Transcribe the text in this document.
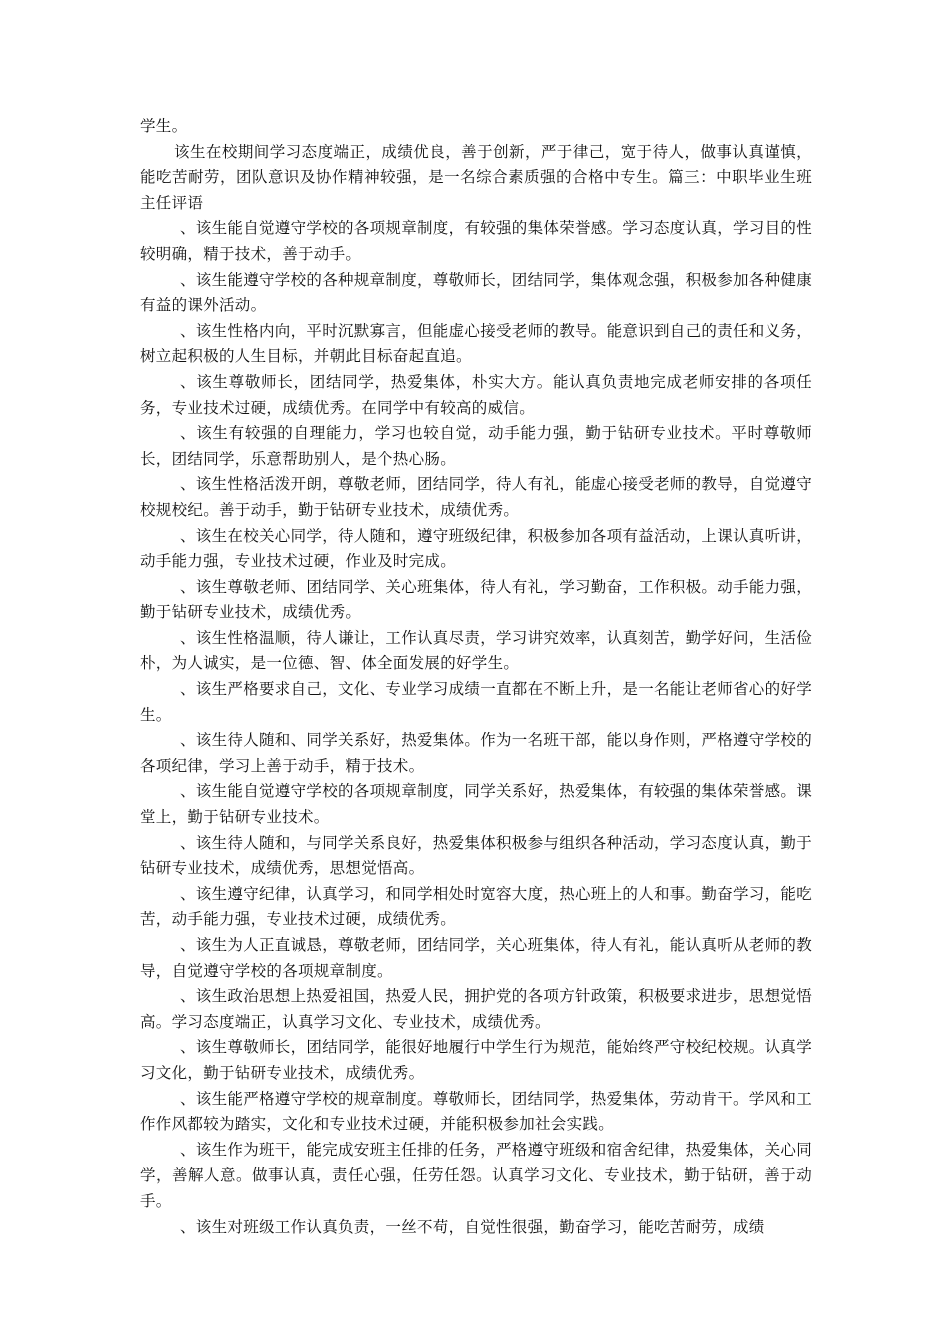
学生。

该生在校期间学习态度端正，成绩优良，善于创新，严于律己，宽于待人，做事认真谨慎，能吃苦耐劳，团队意识及协作精神较强，是一名综合素质强的合格中专生。篇三：中职毕业生班主任评语

、该生能自觉遵守学校的各项规章制度，有较强的集体荣誉感。学习态度认真，学习目的性较明确，精于技术，善于动手。

、该生能遵守学校的各种规章制度，尊敬师长，团结同学，集体观念强，积极参加各种健康有益的课外活动。

、该生性格内向，平时沉默寡言，但能虚心接受老师的教导。能意识到自己的责任和义务，树立起积极的人生目标，并朝此目标奋起直追。

、该生尊敬师长，团结同学，热爱集体，朴实大方。能认真负责地完成老师安排的各项任务，专业技术过硬，成绩优秀。在同学中有较高的威信。

、该生有较强的自理能力，学习也较自觉，动手能力强，勤于钻研专业技术。平时尊敬师长，团结同学，乐意帮助别人，是个热心肠。

、该生性格活泼开朗，尊敬老师，团结同学，待人有礼，能虚心接受老师的教导，自觉遵守校规校纪。善于动手，勤于钻研专业技术，成绩优秀。

、该生在校关心同学，待人随和，遵守班级纪律，积极参加各项有益活动，上课认真听讲，动手能力强，专业技术过硬，作业及时完成。

、该生尊敬老师、团结同学、关心班集体，待人有礼，学习勤奋，工作积极。动手能力强，勤于钻研专业技术，成绩优秀。

、该生性格温顺，待人谦让，工作认真尽责，学习讲究效率，认真刻苦，勤学好问，生活俭朴，为人诚实，是一位德、智、体全面发展的好学生。

、该生严格要求自己，文化、专业学习成绩一直都在不断上升，是一名能让老师省心的好学生。

、该生待人随和、同学关系好，热爱集体。作为一名班干部，能以身作则，严格遵守学校的各项纪律，学习上善于动手，精于技术。

、该生能自觉遵守学校的各项规章制度，同学关系好，热爱集体，有较强的集体荣誉感。课堂上，勤于钻研专业技术。

、该生待人随和，与同学关系良好，热爱集体积极参与组织各种活动，学习态度认真，勤于钻研专业技术，成绩优秀，思想觉悟高。

、该生遵守纪律，认真学习，和同学相处时宽容大度，热心班上的人和事。勤奋学习，能吃苦，动手能力强，专业技术过硬，成绩优秀。

、该生为人正直诚恳，尊敬老师，团结同学，关心班集体，待人有礼，能认真听从老师的教导，自觉遵守学校的各项规章制度。

、该生政治思想上热爱祖国，热爱人民，拥护党的各项方针政策，积极要求进步，思想觉悟高。学习态度端正，认真学习文化、专业技术，成绩优秀。

、该生尊敬师长，团结同学，能很好地履行中学生行为规范，能始终严守校纪校规。认真学习文化，勤于钻研专业技术，成绩优秀。

、该生能严格遵守学校的规章制度。尊敬师长，团结同学，热爱集体，劳动肯干。学风和工作作风都较为踏实，文化和专业技术过硬，并能积极参加社会实践。

、该生作为班干，能完成安班主任排的任务，严格遵守班级和宿舍纪律，热爱集体，关心同学，善解人意。做事认真，责任心强，任劳任怨。认真学习文化、专业技术，勤于钻研，善于动手。

、该生对班级工作认真负责，一丝不苟，自觉性很强，勤奋学习，能吃苦耐劳，成绩
